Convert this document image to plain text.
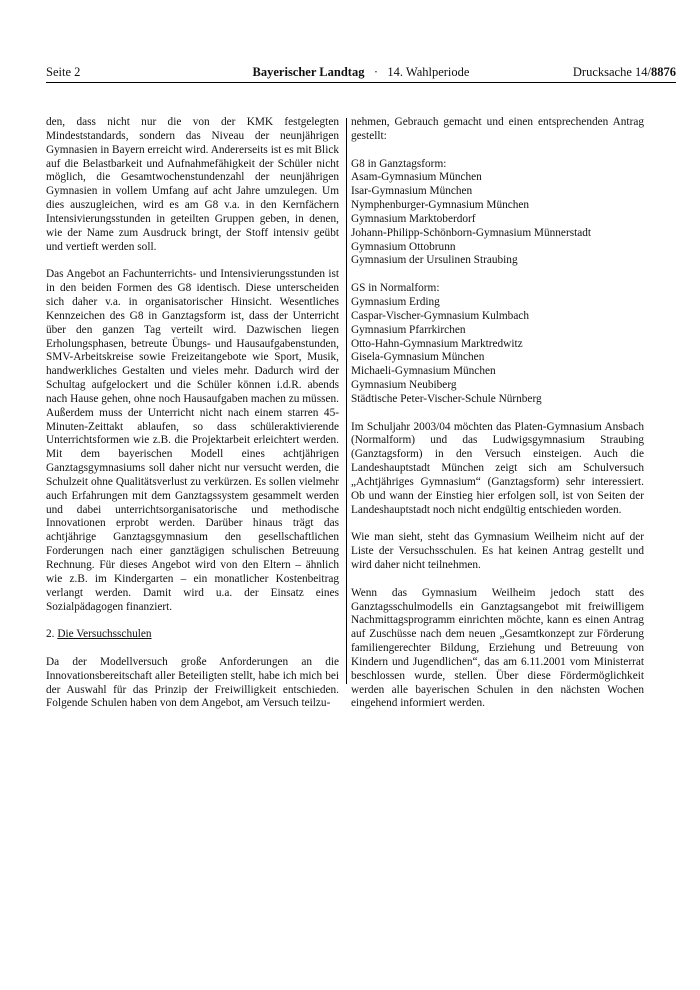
Seite 2	Bayerischer Landtag · 14. Wahlperiode	Drucksache 14/8876

den, dass nicht nur die von der KMK festgelegten Mindeststandards, sondern das Niveau der neunjährigen Gymnasien in Bayern erreicht wird. Andererseits ist es mit Blick auf die Belastbarkeit und Aufnahmefähigkeit der Schüler nicht möglich, die Gesamtwochenstundenzahl der neunjährigen Gymnasien in vollem Umfang auf acht Jahre umzulegen. Um dies auszugleichen, wird es am G8 v.a. in den Kernfächern Intensivierungsstunden in geteilten Gruppen geben, in denen, wie der Name zum Ausdruck bringt, der Stoff intensiv geübt und vertieft werden soll.

Das Angebot an Fachunterrichts- und Intensivierungsstunden ist in den beiden Formen des G8 identisch. Diese unterscheiden sich daher v.a. in organisatorischer Hinsicht. Wesentliches Kennzeichen des G8 in Ganztagsform ist, dass der Unterricht über den ganzen Tag verteilt wird. Dazwischen liegen Erholungsphasen, betreute Übungs- und Hausaufgabenstunden, SMV-Arbeitskreise sowie Freizeitangebote wie Sport, Musik, handwerkliches Gestalten und vieles mehr. Dadurch wird der Schultag aufgelockert und die Schüler können i.d.R. abends nach Hause gehen, ohne noch Hausaufgaben machen zu müssen. Außerdem muss der Unterricht nicht nach einem starren 45-Minuten-Zeittakt ablaufen, so dass schüleraktivierende Unterrichtsformen wie z.B. die Projektarbeit erleichtert werden. Mit dem bayerischen Modell eines achtjährigen Ganztagsgymnasiums soll daher nicht nur versucht werden, die Schulzeit ohne Qualitätsverlust zu verkürzen. Es sollen vielmehr auch Erfahrungen mit dem Ganztagssystem gesammelt werden und dabei unterrichtsorganisatorische und methodische Innovationen erprobt werden. Darüber hinaus trägt das achtjährige Ganztagsgymnasium den gesellschaftlichen Forderungen nach einer ganztägigen schulischen Betreuung Rechnung. Für dieses Angebot wird von den Eltern – ähnlich wie z.B. im Kindergarten – ein monatlicher Kostenbeitrag verlangt werden. Damit wird u.a. der Einsatz eines Sozialpädagogen finanziert.

2. Die Versuchsschulen

Da der Modellversuch große Anforderungen an die Innovationsbereitschaft aller Beteiligten stellt, habe ich mich bei der Auswahl für das Prinzip der Freiwilligkeit entschieden. Folgende Schulen haben von dem Angebot, am Versuch teilzu-

nehmen, Gebrauch gemacht und einen entsprechenden Antrag gestellt:

G8 in Ganztagsform:
Asam-Gymnasium München
Isar-Gymnasium München
Nymphenburger-Gymnasium München
Gymnasium Marktoberdorf
Johann-Philipp-Schönborn-Gymnasium Münnerstadt
Gymnasium Ottobrunn
Gymnasium der Ursulinen Straubing
GS in Normalform:
Gymnasium Erding
Caspar-Vischer-Gymnasium Kulmbach
Gymnasium Pfarrkirchen
Otto-Hahn-Gymnasium Marktredwitz
Gisela-Gymnasium München
Michaeli-Gymnasium München
Gymnasium Neubiberg
Städtische Peter-Vischer-Schule Nürnberg

Im Schuljahr 2003/04 möchten das Platen-Gymnasium Ansbach (Normalform) und das Ludwigsgymnasium Straubing (Ganztagsform) in den Versuch einsteigen. Auch die Landeshauptstadt München zeigt sich am Schulversuch „Achtjähriges Gymnasium“ (Ganztagsform) sehr interessiert. Ob und wann der Einstieg hier erfolgen soll, ist von Seiten der Landeshauptstadt noch nicht endgültig entschieden worden.

Wie man sieht, steht das Gymnasium Weilheim nicht auf der Liste der Versuchsschulen. Es hat keinen Antrag gestellt und wird daher nicht teilnehmen.

Wenn das Gymnasium Weilheim jedoch statt des Ganztagsschulmodells ein Ganztagsangebot mit freiwilligem Nachmittagsprogramm einrichten möchte, kann es einen Antrag auf Zuschüsse nach dem neuen „Gesamtkonzept zur Förderung familiengerechter Bildung, Erziehung und Betreuung von Kindern und Jugendlichen“, das am 6.11.2001 vom Ministerrat beschlossen wurde, stellen. Über diese Fördermöglichkeit werden alle bayerischen Schulen in den nächsten Wochen eingehend informiert werden.
